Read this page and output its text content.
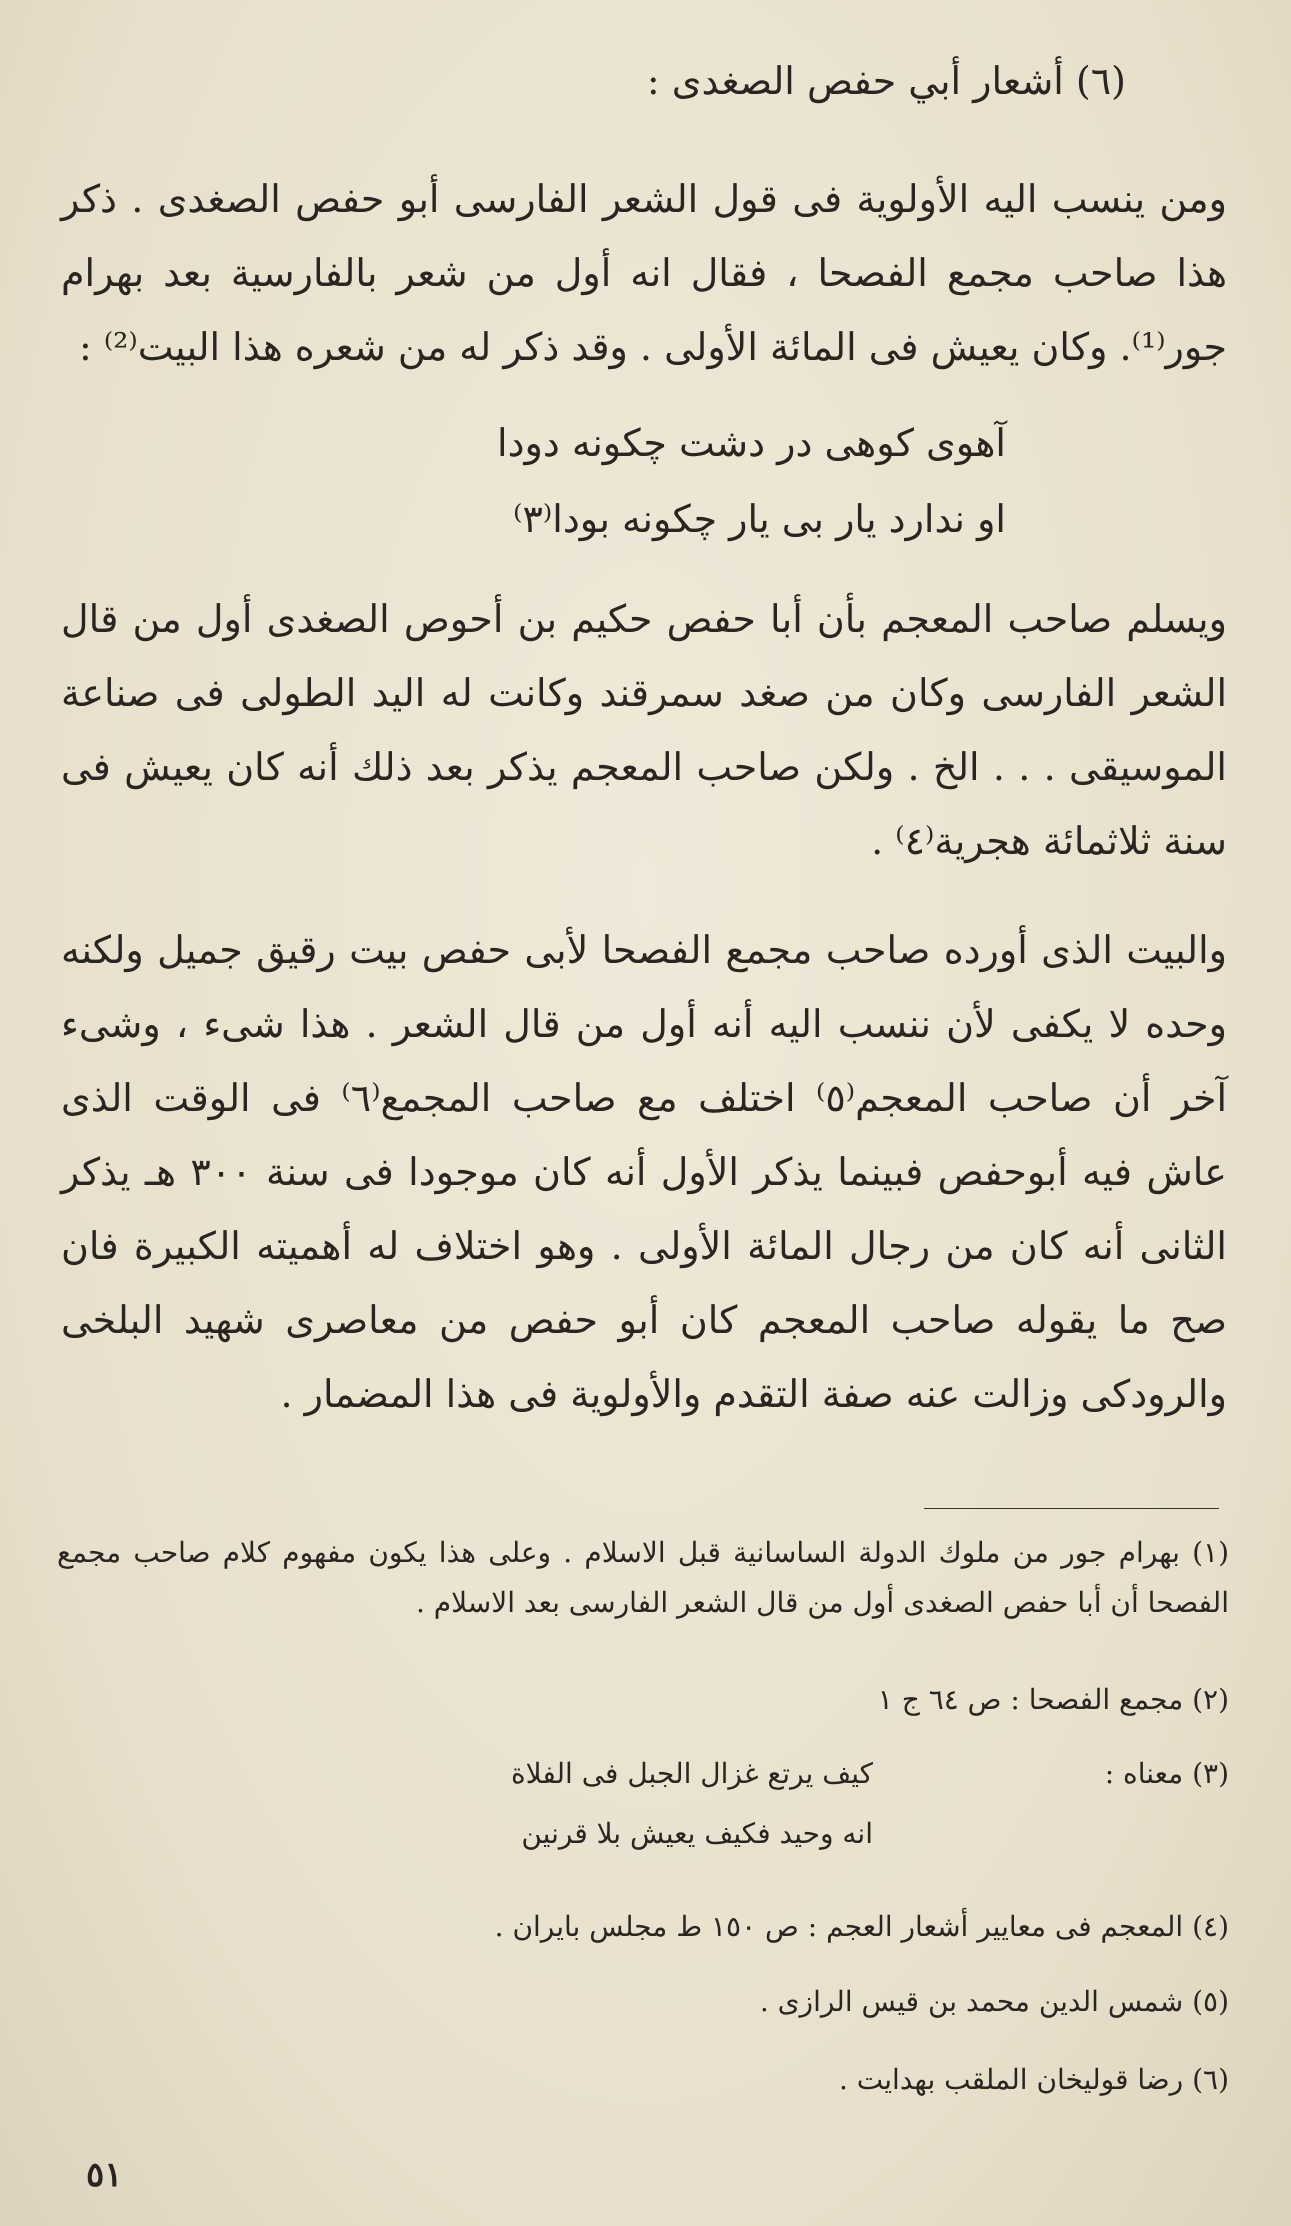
(٦) أشعار أبي حفص الصغدى :
ومن ينسب اليه الأولوية فى قول الشعر الفارسى أبو حفص الصغدى . ذكر هذا صاحب مجمع الفصحا ، فقال انه أول من شعر بالفارسية بعد بهرام جور⁽¹⁾. وكان يعيش فى المائة الأولى . وقد ذكر له من شعره هذا البيت⁽²⁾ :
آهوى كوهى در دشت چكونه دودا
او ندارد يار بى يار چكونه بودا⁽٣⁾
ويسلم صاحب المعجم بأن أبا حفص حكيم بن أحوص الصغدى أول من قال الشعر الفارسى وكان من صغد سمرقند وكانت له اليد الطولى فى صناعة الموسيقى . . . الخ . ولكن صاحب المعجم يذكر بعد ذلك أنه كان يعيش فى سنة ثلاثمائة هجرية⁽٤⁾ .
والبيت الذى أورده صاحب مجمع الفصحا لأبى حفص بيت رقيق جميل ولكنه وحده لا يكفى لأن ننسب اليه أنه أول من قال الشعر . هذا شىء ، وشىء آخر أن صاحب المعجم⁽٥⁾ اختلف مع صاحب المجمع⁽٦⁾ فى الوقت الذى عاش فيه أبوحفص فبينما يذكر الأول أنه كان موجودا فى سنة ٣٠٠ هـ يذكر الثانى أنه كان من رجال المائة الأولى . وهو اختلاف له أهميته الكبيرة فان صح ما يقوله صاحب المعجم كان أبو حفص من معاصرى شهيد البلخى والرودكى وزالت عنه صفة التقدم والأولوية فى هذا المضمار .
(١) بهرام جور من ملوك الدولة الساسانية قبل الاسلام . وعلى هذا يكون مفهوم كلام صاحب مجمع الفصحا أن أبا حفص الصغدى أول من قال الشعر الفارسى بعد الاسلام .
(٢) مجمع الفصحا : ص ٦٤ ج ١
(٣) معناه :
كيف يرتع غزال الجبل فى الفلاة
انه وحيد فكيف يعيش بلا قرنين
(٤) المعجم فى معايير أشعار العجم : ص ١٥٠ ط مجلس بايران .
(٥) شمس الدين محمد بن قيس الرازى .
(٦) رضا قوليخان الملقب بهدايت .
٥١
